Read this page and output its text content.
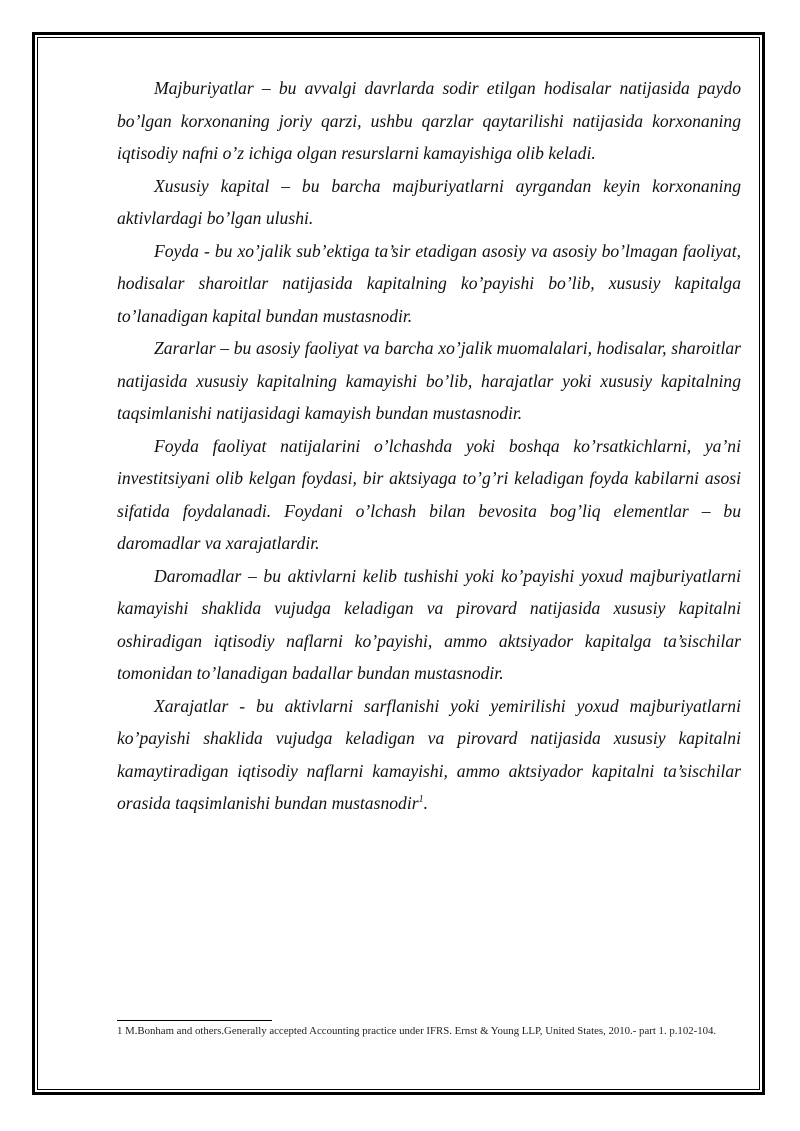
Majburiyatlar – bu avvalgi davrlarda sodir etilgan hodisalar natijasida paydo bo’lgan korxonaning joriy qarzi, ushbu qarzlar qaytarilishi natijasida korxonaning iqtisodiy nafni o’z ichiga olgan resurslarni kamayishiga olib keladi.

Xususiy kapital – bu barcha majburiyatlarni ayrgandan keyin korxonaning aktivlardagi bo’lgan ulushi.

Foyda - bu xo’jalik sub’ektiga ta’sir etadigan asosiy va asosiy bo’lmagan faoliyat, hodisalar sharoitlar natijasida kapitalning ko’payishi bo’lib, xususiy kapitalga to’lanadigan kapital bundan mustasnodir.

Zararlar – bu asosiy faoliyat va barcha xo’jalik muomalalari, hodisalar, sharoitlar natijasida xususiy kapitalning kamayishi bo’lib, harajatlar yoki xususiy kapitalning taqsimlanishi natijasidagi kamayish bundan mustasnodir.

Foyda faoliyat natijalarini o’lchashda yoki boshqa ko’rsatkichlarni, ya’ni investitsiyani olib kelgan foydasi, bir aktsiyaga to’g’ri keladigan foyda kabilarni asosi sifatida foydalanadi. Foydani o’lchash bilan bevosita bog’liq elementlar – bu daromadlar va xarajatlardir.

Daromadlar – bu aktivlarni kelib tushishi yoki ko’payishi yoxud majburiyatlarni kamayishi shaklida vujudga keladigan va pirovard natijasida xususiy kapitalni oshiradigan iqtisodiy naflarni ko’payishi, ammo aktsiyador kapitalga ta’sischilar tomonidan to’lanadigan badallar bundan mustasnodir.

Xarajatlar - bu aktivlarni sarflanishi yoki yemirilishi yoxud majburiyatlarni ko’payishi shaklida vujudga keladigan va pirovard natijasida xususiy kapitalni kamaytiradigan iqtisodiy naflarni kamayishi, ammo aktsiyador kapitalni ta’sischilar orasida taqsimlanishi bundan mustasnodir$^1$.

1 M.Bonham and others.Generally accepted Accounting practice under IFRS. Ernst & Young LLP, United States, 2010.- part 1. p.102-104.
